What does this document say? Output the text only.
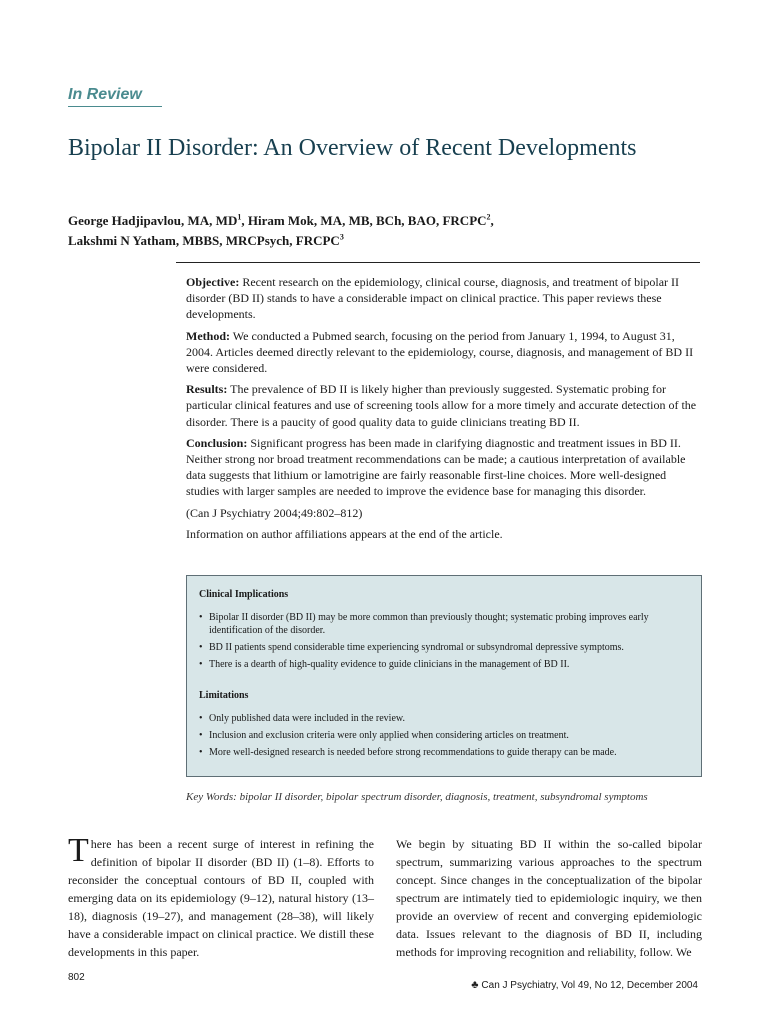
In Review

Bipolar II Disorder: An Overview of Recent Developments

George Hadjipavlou, MA, $MD^1$, Hiram Mok, MA, MB, BCh, BAO, FRCPC$^2$,
Lakshmi N Yatham, MBBS, MRCPsych, FRCPC$^3$

Objective: Recent research on the epidemiology, clinical course, diagnosis, and treatment of bipolar II disorder (BD II) stands to have a considerable impact on clinical practice. This paper reviews these developments.

Method: We conducted a Pubmed search, focusing on the period from January 1, 1994, to August 31, 2004. Articles deemed directly relevant to the epidemiology, course, diagnosis, and management of BD II were considered.

Results: The prevalence of BD II is likely higher than previously suggested. Systematic probing for particular clinical features and use of screening tools allow for a more timely and accurate detection of the disorder. There is a paucity of good quality data to guide clinicians treating BD II.

Conclusion: Significant progress has been made in clarifying diagnostic and treatment issues in BD II. Neither strong nor broad treatment recommendations can be made; a cautious interpretation of available data suggests that lithium or lamotrigine are fairly reasonable first-line choices. More well-designed studies with larger samples are needed to improve the evidence base for managing this disorder.

(Can J Psychiatry 2004;49:802–812)

Information on author affiliations appears at the end of the article.

Clinical Implications
• Bipolar II disorder (BD II) may be more common than previously thought; systematic probing improves early identification of the disorder.
• BD II patients spend considerable time experiencing syndromal or subsyndromal depressive symptoms.
• There is a dearth of high-quality evidence to guide clinicians in the management of BD II.
Limitations
• Only published data were included in the review.
• Inclusion and exclusion criteria were only applied when considering articles on treatment.
• More well-designed research is needed before strong recommendations to guide therapy can be made.

Key Words: bipolar II disorder, bipolar spectrum disorder, diagnosis, treatment, subsyndromal symptoms

There has been a recent surge of interest in refining the definition of bipolar II disorder (BD II) (1–8). Efforts to reconsider the conceptual contours of BD II, coupled with emerging data on its epidemiology (9–12), natural history (13–18), diagnosis (19–27), and management (28–38), will likely have a considerable impact on clinical practice. We distill these developments in this paper.

We begin by situating BD II within the so-called bipolar spectrum, summarizing various approaches to the spectrum concept. Since changes in the conceptualization of the bipolar spectrum are intimately tied to epidemiologic inquiry, we then provide an overview of recent and converging epidemiologic data. Issues relevant to the diagnosis of BD II, including methods for improving recognition and reliability, follow. We

802

♣ Can J Psychiatry, Vol 49, No 12, December 2004
